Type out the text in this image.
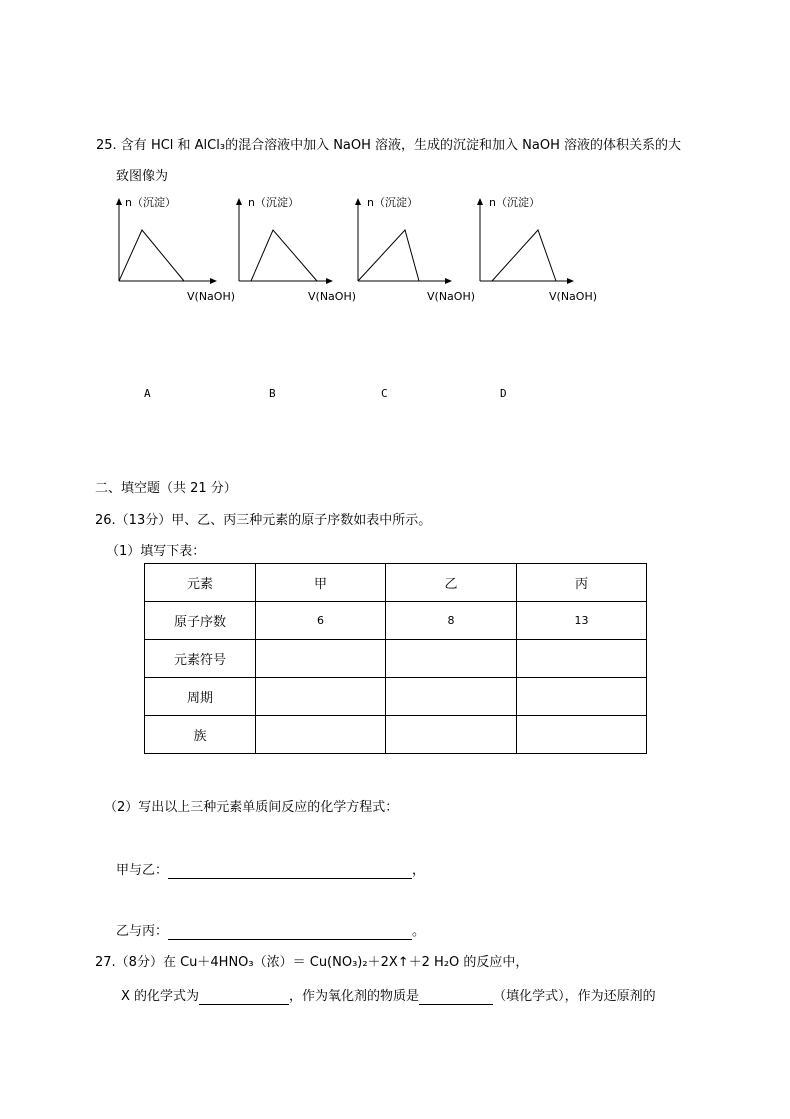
25. 含有 HCl 和 AlCl₃的混合溶液中加入 NaOH 溶液，生成的沉淀和加入 NaOH 溶液的体积关系的大
致图像为
n（沉淀）
V(NaOH)
n（沉淀）
V(NaOH)
n（沉淀）
V(NaOH)
n（沉淀）
V(NaOH)
A	B	C	D
二、填空题（共 21 分）
26.（13分）甲、乙、丙三种元素的原子序数如表中所示。
（1）填写下表：
元素	甲	乙	丙
原子序数	6	8	13
元素符号			
周期			
族			
（2）写出以上三种元素单质间反应的化学方程式：
甲与乙：	，
乙与丙：	。
27.（8分）在 Cu＋4HNO₃（浓）＝ Cu(NO₃)₂＋2X↑＋2 H₂O 的反应中，
X 的化学式为	，作为氧化剂的物质是	（填化学式），作为还原剂的
